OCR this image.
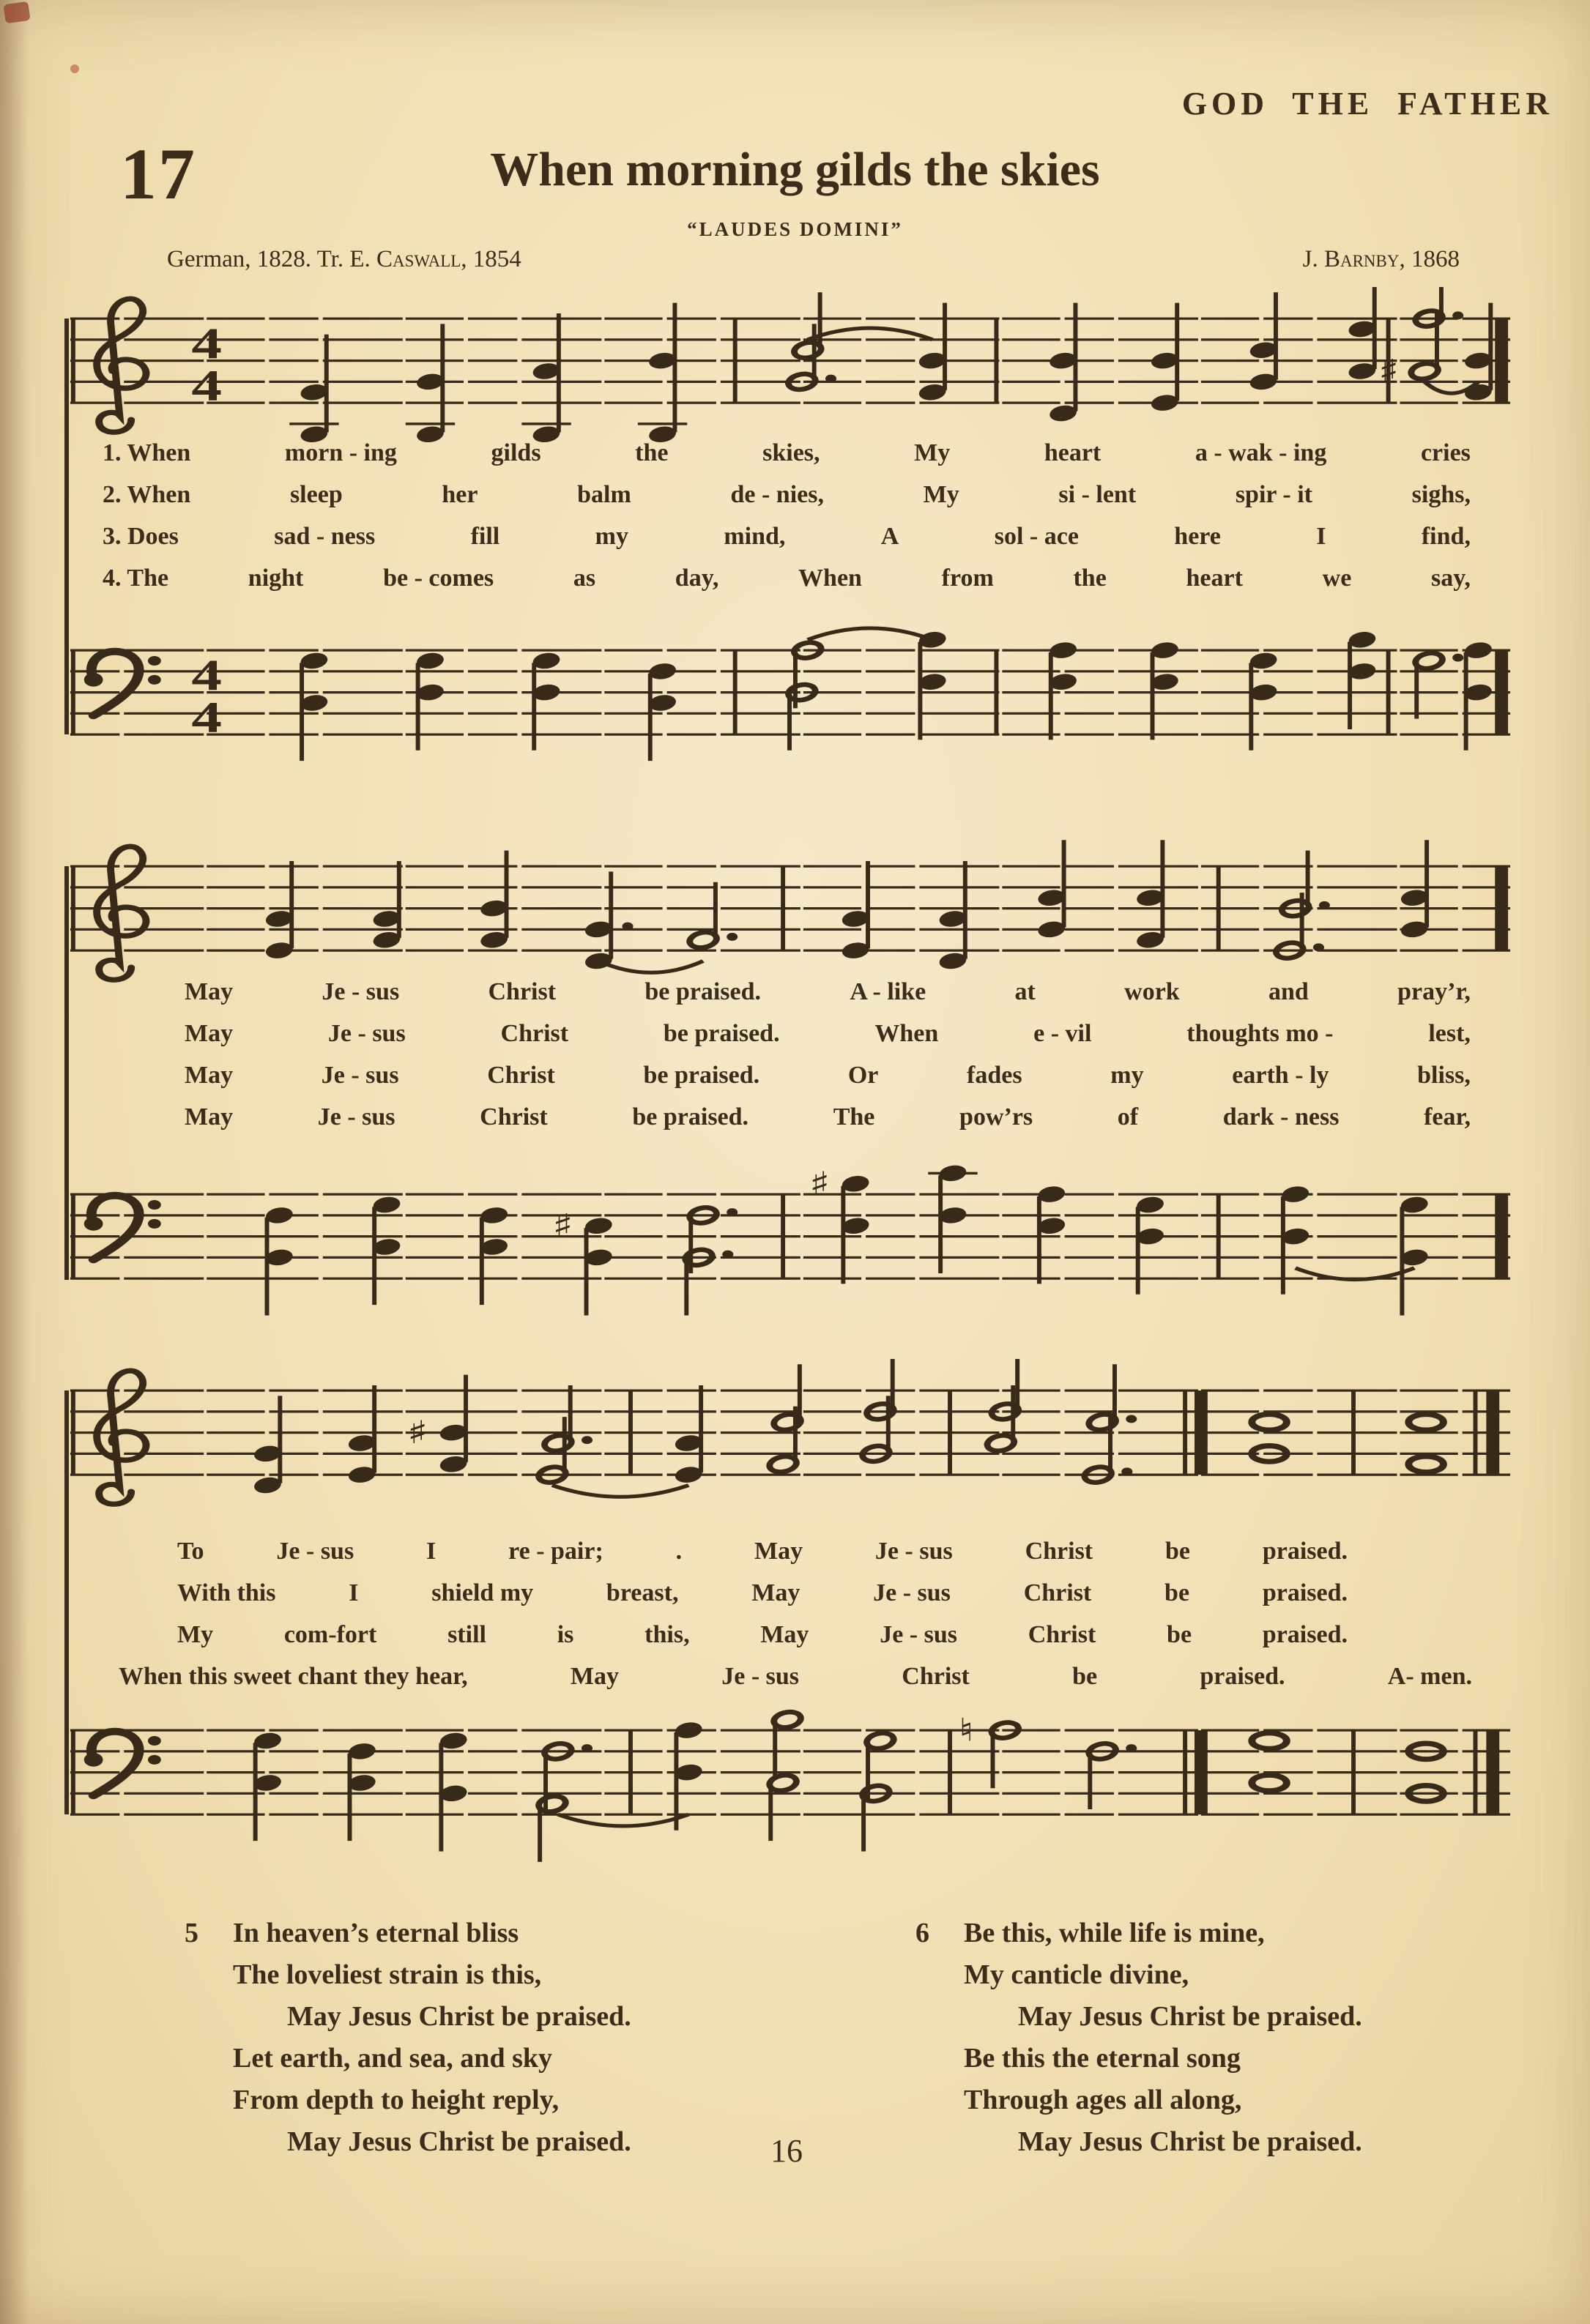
GOD THE FATHER
17	When morning gilds the skies
“LAUDES DOMINI”
German, 1828. Tr. E. Caswall, 1854	J. Barnby, 1868
4
4	♯
1. When	morn - ing	gilds	the	skies,	My	heart	a - wak - ing	cries
2. When	sleep	her	balm	de - nies,	My	si - lent	spir - it	sighs,
3. Does	sad - ness	fill	my	mind,	A	sol - ace	here	I	find,
4. The	night	be - comes	as	day,	When	from	the	heart	we	say,
4
4
May	Je - sus	Christ	be praised.	A - like	at	work	and	pray’r,
May	Je - sus	Christ	be praised.	When	e - vil	thoughts mo -	lest,
May	Je - sus	Christ	be praised.	Or	fades	my	earth - ly	bliss,
May	Je - sus	Christ	be praised.	The	pow’rs	of	dark - ness	fear,
♯
♯
♯
To	Je - sus	I	re - pair;	.	May	Je - sus	Christ	be	praised.
With this	I	shield my	breast,	May	Je - sus	Christ	be	praised.
My	com-fort	still	is	this,	May	Je - sus	Christ	be	praised.
When this sweet chant they hear,	May	Je - sus	Christ	be	praised.	A- men.
♮
5	In heaven’s eternal bliss
The loveliest strain is this,
May Jesus Christ be praised.
Let earth, and sea, and sky
From depth to height reply,
May Jesus Christ be praised.
6	Be this, while life is mine,
My canticle divine,
May Jesus Christ be praised.
Be this the eternal song
Through ages all along,
May Jesus Christ be praised.
16
